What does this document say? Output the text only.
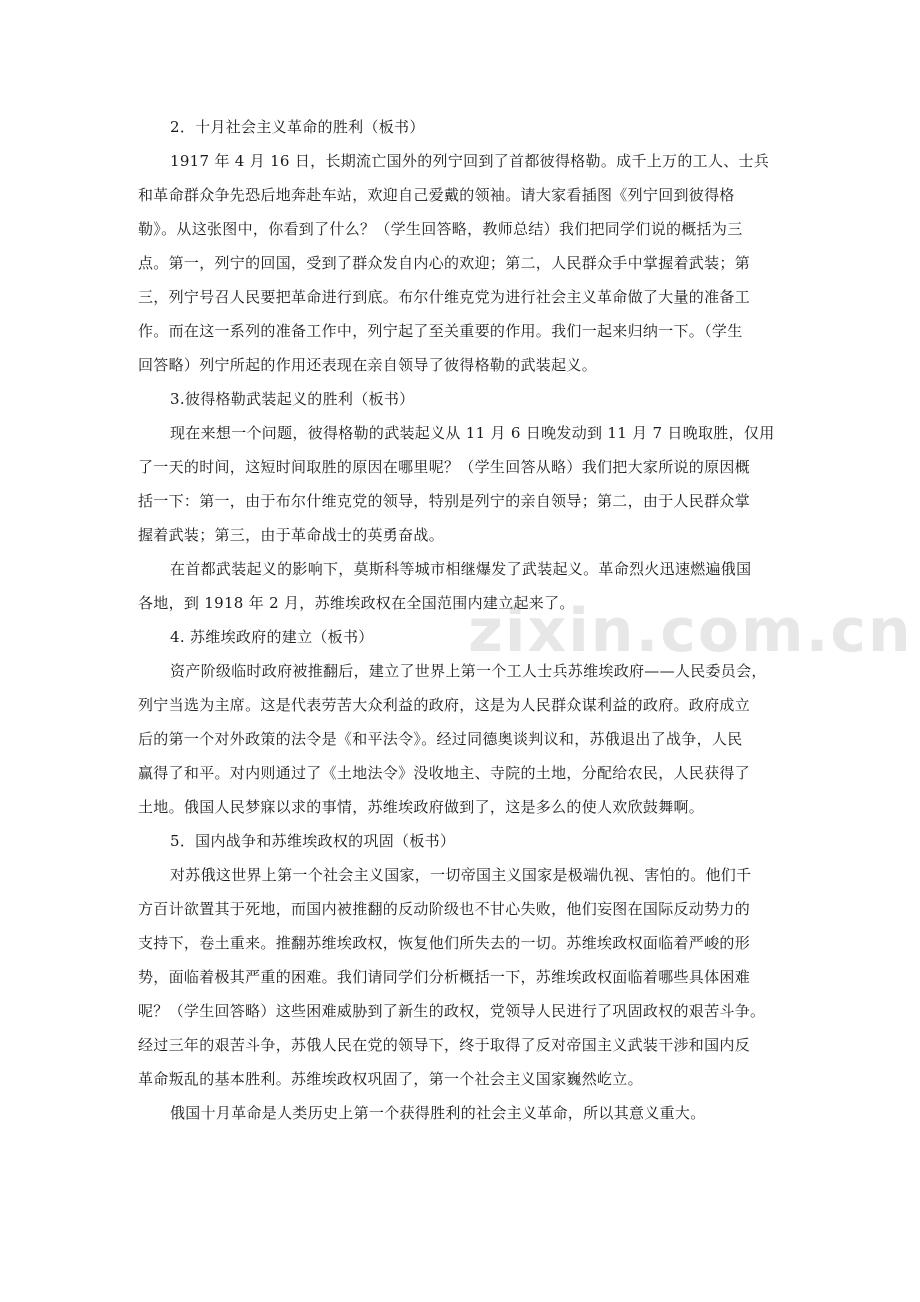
zixin.com.cn
2．十月社会主义革命的胜利（板书）
1917 年 4 月 16 日，长期流亡国外的列宁回到了首都彼得格勒。成千上万的工人、士兵
和革命群众争先恐后地奔赴车站，欢迎自己爱戴的领袖。请大家看插图《列宁回到彼得格
勒》。从这张图中，你看到了什么？（学生回答略，教师总结）我们把同学们说的概括为三
点。第一，列宁的回国，受到了群众发自内心的欢迎；第二，人民群众手中掌握着武装；第
三，列宁号召人民要把革命进行到底。布尔什维克党为进行社会主义革命做了大量的准备工
作。而在这一系列的准备工作中，列宁起了至关重要的作用。我们一起来归纳一下。（学生
回答略）列宁所起的作用还表现在亲自领导了彼得格勒的武装起义。
3.彼得格勒武装起义的胜利（板书）
现在来想一个问题，彼得格勒的武装起义从 11 月 6 日晚发动到 11 月 7 日晚取胜，仅用
了一天的时间，这短时间取胜的原因在哪里呢？（学生回答从略）我们把大家所说的原因概
括一下：第一，由于布尔什维克党的领导，特别是列宁的亲自领导；第二，由于人民群众掌
握着武装；第三，由于革命战士的英勇奋战。
在首都武装起义的影响下，莫斯科等城市相继爆发了武装起义。革命烈火迅速燃遍俄国
各地，到 1918 年 2 月，苏维埃政权在全国范围内建立起来了。
4. 苏维埃政府的建立（板书）
资产阶级临时政府被推翻后，建立了世界上第一个工人士兵苏维埃政府——人民委员会，
列宁当选为主席。这是代表劳苦大众利益的政府，这是为人民群众谋利益的政府。政府成立
后的第一个对外政策的法令是《和平法令》。经过同德奥谈判议和，苏俄退出了战争，人民
赢得了和平。对内则通过了《土地法令》没收地主、寺院的土地，分配给农民，人民获得了
土地。俄国人民梦寐以求的事情，苏维埃政府做到了，这是多么的使人欢欣鼓舞啊。
5．国内战争和苏维埃政权的巩固（板书）
对苏俄这世界上第一个社会主义国家，一切帝国主义国家是极端仇视、害怕的。他们千
方百计欲置其于死地，而国内被推翻的反动阶级也不甘心失败，他们妄图在国际反动势力的
支持下，卷土重来。推翻苏维埃政权，恢复他们所失去的一切。苏维埃政权面临着严峻的形
势，面临着极其严重的困难。我们请同学们分析概括一下，苏维埃政权面临着哪些具体困难
呢？（学生回答略）这些困难威胁到了新生的政权，党领导人民进行了巩固政权的艰苦斗争。
经过三年的艰苦斗争，苏俄人民在党的领导下，终于取得了反对帝国主义武装干涉和国内反
革命叛乱的基本胜利。苏维埃政权巩固了，第一个社会主义国家巍然屹立。
俄国十月革命是人类历史上第一个获得胜利的社会主义革命，所以其意义重大。
